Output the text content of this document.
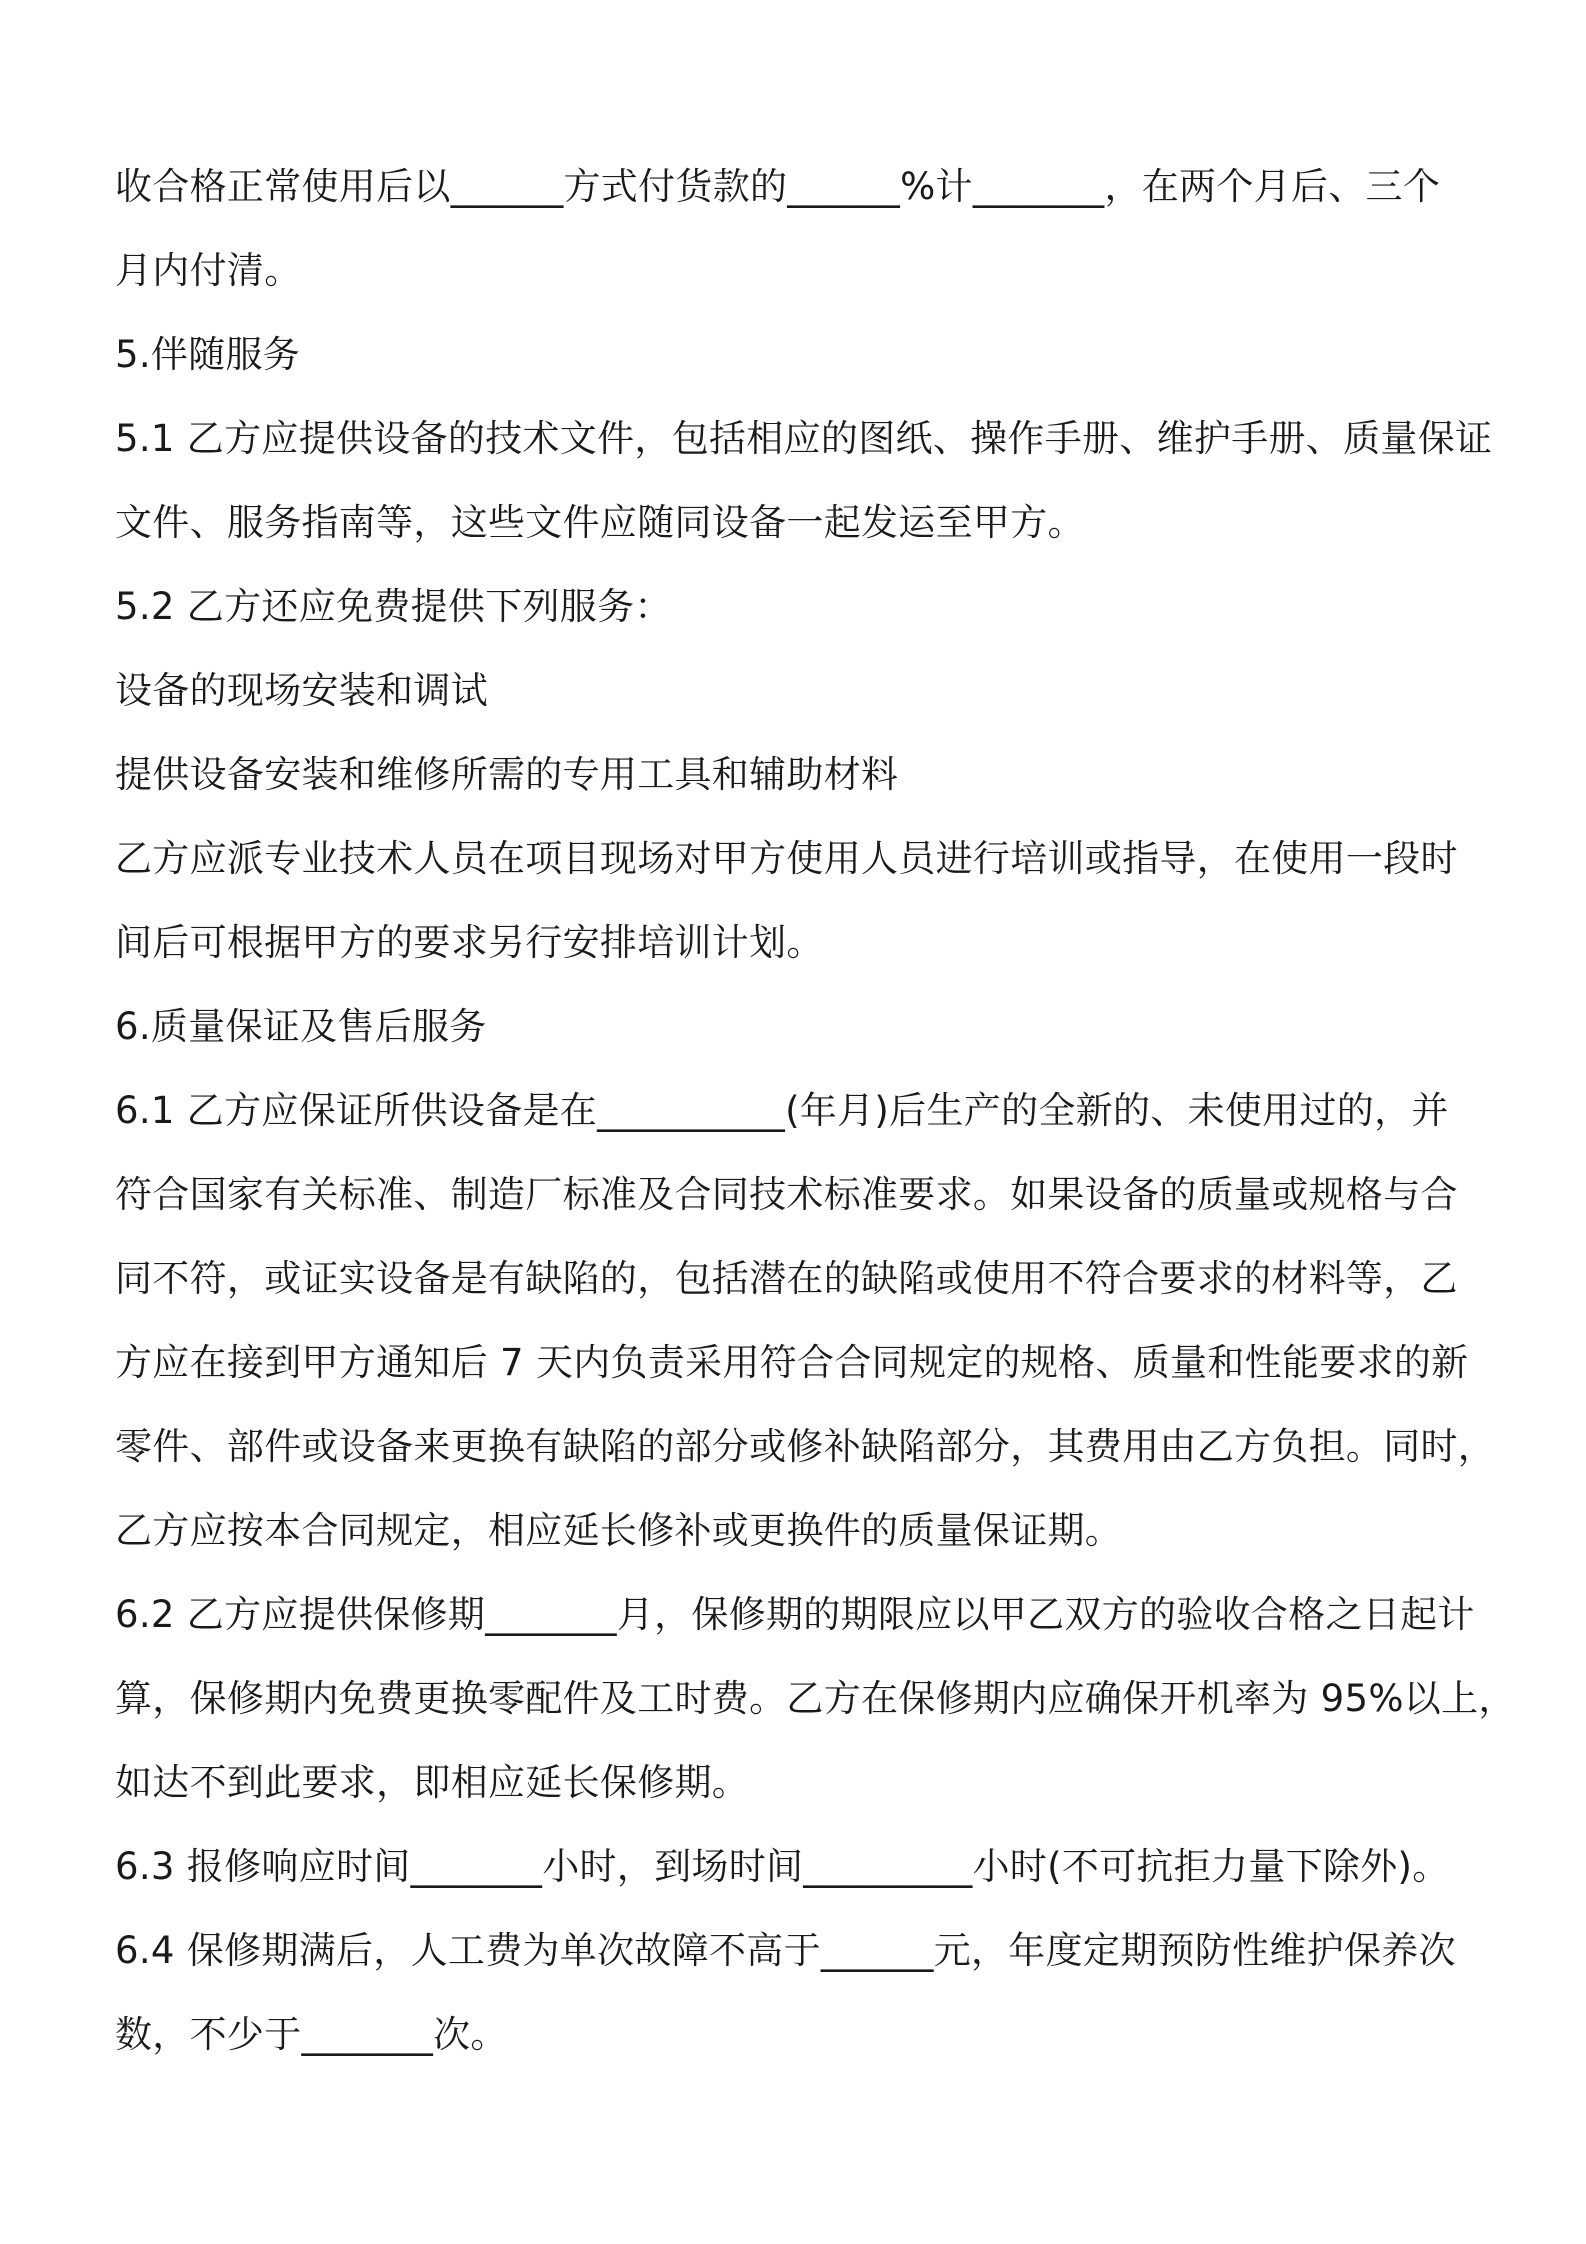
收合格正常使用后以______方式付货款的______%计_______，在两个月后、三个
月内付清。
5.伴随服务
5.1 乙方应提供设备的技术文件，包括相应的图纸、操作手册、维护手册、质量保证
文件、服务指南等，这些文件应随同设备一起发运至甲方。
5.2 乙方还应免费提供下列服务：
设备的现场安装和调试
提供设备安装和维修所需的专用工具和辅助材料
乙方应派专业技术人员在项目现场对甲方使用人员进行培训或指导，在使用一段时
间后可根据甲方的要求另行安排培训计划。
6.质量保证及售后服务
6.1 乙方应保证所供设备是在__________(年月)后生产的全新的、未使用过的，并
符合国家有关标准、制造厂标准及合同技术标准要求。如果设备的质量或规格与合
同不符，或证实设备是有缺陷的，包括潜在的缺陷或使用不符合要求的材料等，乙
方应在接到甲方通知后 7 天内负责采用符合合同规定的规格、质量和性能要求的新
零件、部件或设备来更换有缺陷的部分或修补缺陷部分，其费用由乙方负担。同时，
乙方应按本合同规定，相应延长修补或更换件的质量保证期。
6.2 乙方应提供保修期_______月，保修期的期限应以甲乙双方的验收合格之日起计
算，保修期内免费更换零配件及工时费。乙方在保修期内应确保开机率为 95%以上，
如达不到此要求，即相应延长保修期。
6.3 报修响应时间_______小时，到场时间_________小时(不可抗拒力量下除外)。
6.4 保修期满后，人工费为单次故障不高于______元，年度定期预防性维护保养次
数，不少于_______次。
